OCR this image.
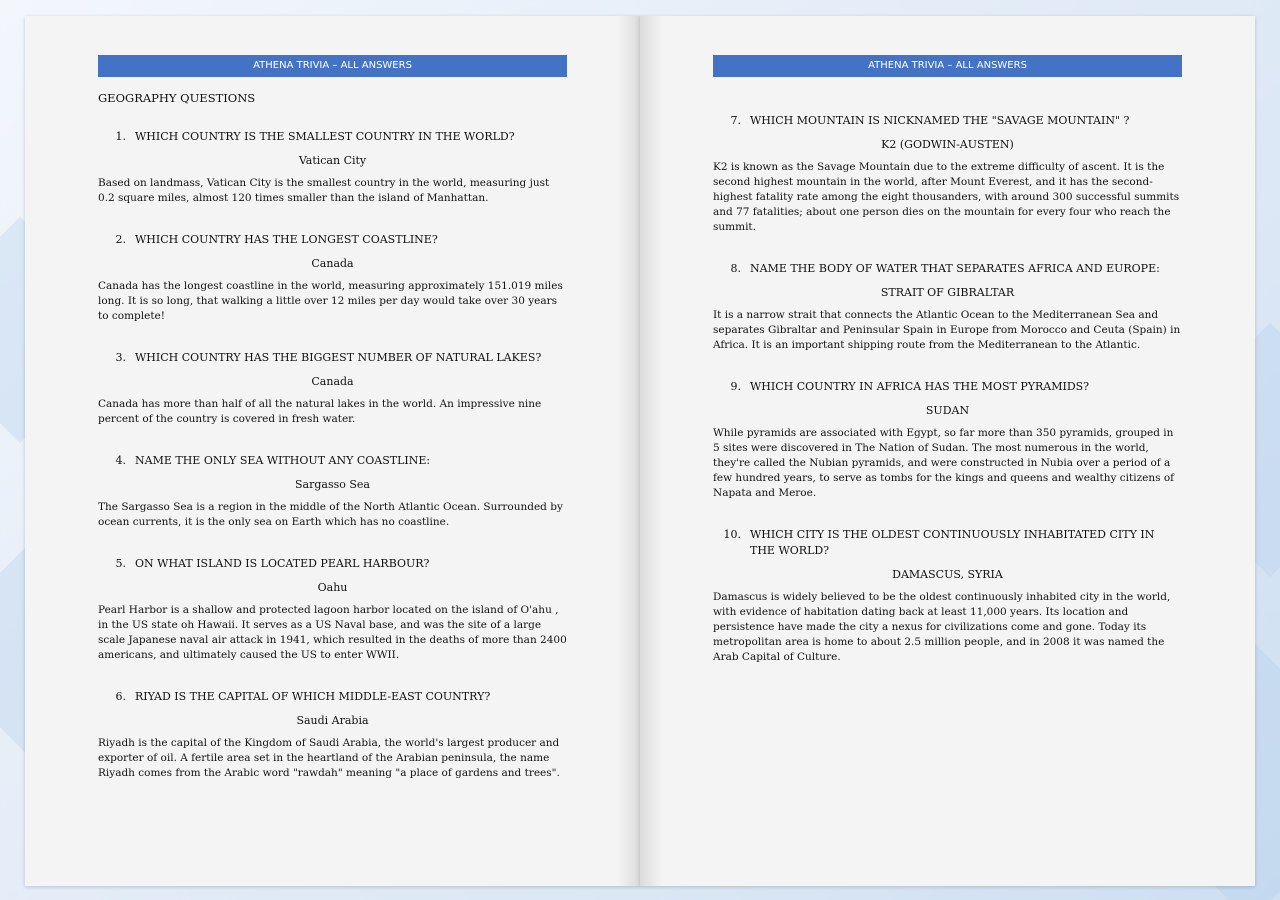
ATHENA TRIVIA – ALL ANSWERS
GEOGRAPHY QUESTIONS
1. WHICH COUNTRY IS THE SMALLEST COUNTRY IN THE WORLD?
Vatican City
Based on landmass, Vatican City is the smallest country in the world, measuring just 0.2 square miles, almost 120 times smaller than the island of Manhattan.
2. WHICH COUNTRY HAS THE LONGEST COASTLINE?
Canada
Canada has the longest coastline in the world, measuring approximately 151.019 miles long. It is so long, that walking a little over 12 miles per day would take over 30 years to complete!
3. WHICH COUNTRY HAS THE BIGGEST NUMBER OF NATURAL LAKES?
Canada
Canada has more than half of all the natural lakes in the world. An impressive nine percent of the country is covered in fresh water.
4. NAME THE ONLY SEA WITHOUT ANY COASTLINE:
Sargasso Sea
The Sargasso Sea is a region in the middle of the North Atlantic Ocean. Surrounded by ocean currents, it is the only sea on Earth which has no coastline.
5. ON WHAT ISLAND IS LOCATED PEARL HARBOUR?
Oahu
Pearl Harbor is a shallow and protected lagoon harbor located on the island of O'ahu , in the US state oh Hawaii. It serves as a US Naval base, and was the site of a large scale Japanese naval air attack in 1941, which resulted in the deaths of more than 2400 americans, and ultimately caused the US to enter WWII.
6. RIYAD IS THE CAPITAL OF WHICH MIDDLE-EAST COUNTRY?
Saudi Arabia
Riyadh is the capital of the Kingdom of Saudi Arabia, the world's largest producer and exporter of oil. A fertile area set in the heartland of the Arabian peninsula, the name Riyadh comes from the Arabic word "rawdah" meaning "a place of gardens and trees".
ATHENA TRIVIA – ALL ANSWERS
7. WHICH MOUNTAIN IS NICKNAMED THE "SAVAGE MOUNTAIN" ?
K2 (GODWIN-AUSTEN)
K2 is known as the Savage Mountain due to the extreme difficulty of ascent. It is the second highest mountain in the world, after Mount Everest, and it has the second-highest fatality rate among the eight thousanders, with around 300 successful summits and 77 fatalities; about one person dies on the mountain for every four who reach the summit.
8. NAME THE BODY OF WATER THAT SEPARATES AFRICA AND EUROPE:
STRAIT OF GIBRALTAR
It is a narrow strait that connects the Atlantic Ocean to the Mediterranean Sea and separates Gibraltar and Peninsular Spain in Europe from Morocco and Ceuta (Spain) in Africa. It is an important shipping route from the Mediterranean to the Atlantic.
9. WHICH COUNTRY IN AFRICA HAS THE MOST PYRAMIDS?
SUDAN
While pyramids are associated with Egypt, so far more than 350 pyramids, grouped in 5 sites were discovered in The Nation of Sudan. The most numerous in the world, they're called the Nubian pyramids, and were constructed in Nubia over a period of a few hundred years, to serve as tombs for the kings and queens and wealthy citizens of Napata and Meroe.
10. WHICH CITY IS THE OLDEST CONTINUOUSLY INHABITATED CITY IN THE WORLD?
DAMASCUS, SYRIA
Damascus is widely believed to be the oldest continuously inhabited city in the world, with evidence of habitation dating back at least 11,000 years. Its location and persistence have made the city a nexus for civilizations come and gone. Today its metropolitan area is home to about 2.5 million people, and in 2008 it was named the Arab Capital of Culture.
